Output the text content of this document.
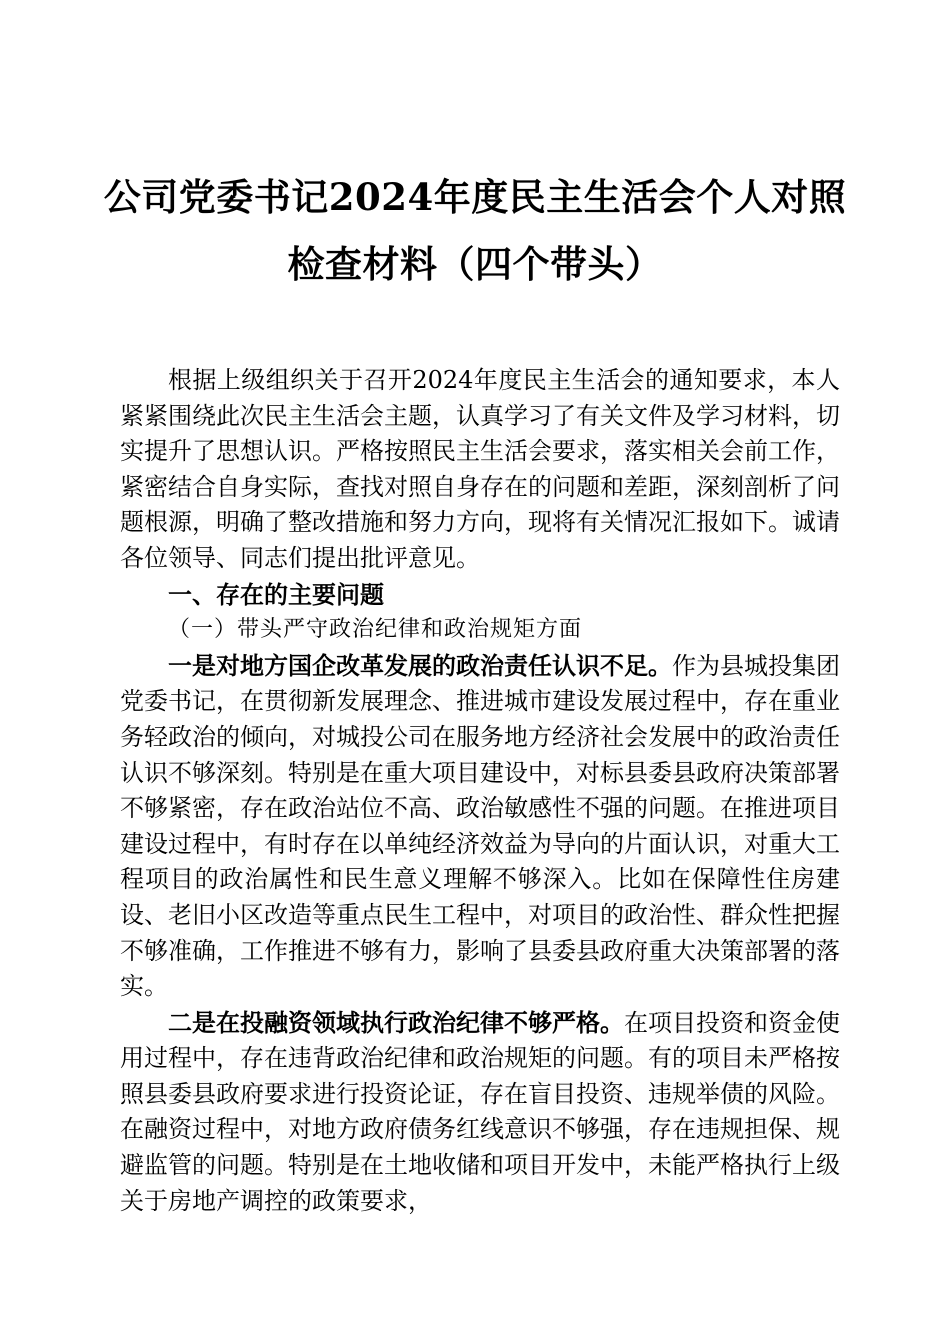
公司党委书记2024年度民主生活会个人对照
检查材料（四个带头）

根据上级组织关于召开2024年度民主生活会的通知要求，本人紧紧围绕此次民主生活会主题，认真学习了有关文件及学习材料，切实提升了思想认识。严格按照民主生活会要求，落实相关会前工作，紧密结合自身实际，查找对照自身存在的问题和差距，深刻剖析了问题根源，明确了整改措施和努力方向，现将有关情况汇报如下。诚请各位领导、同志们提出批评意见。

一、存在的主要问题

（一）带头严守政治纪律和政治规矩方面

一是对地方国企改革发展的政治责任认识不足。作为县城投集团党委书记，在贯彻新发展理念、推进城市建设发展过程中，存在重业务轻政治的倾向，对城投公司在服务地方经济社会发展中的政治责任认识不够深刻。特别是在重大项目建设中，对标县委县政府决策部署不够紧密，存在政治站位不高、政治敏感性不强的问题。在推进项目建设过程中，有时存在以单纯经济效益为导向的片面认识，对重大工程项目的政治属性和民生意义理解不够深入。比如在保障性住房建设、老旧小区改造等重点民生工程中，对项目的政治性、群众性把握不够准确，工作推进不够有力，影响了县委县政府重大决策部署的落实。

二是在投融资领域执行政治纪律不够严格。在项目投资和资金使用过程中，存在违背政治纪律和政治规矩的问题。有的项目未严格按照县委县政府要求进行投资论证，存在盲目投资、违规举债的风险。在融资过程中，对地方政府债务红线意识不够强，存在违规担保、规避监管的问题。特别是在土地收储和项目开发中，未能严格执行上级关于房地产调控的政策要求，
